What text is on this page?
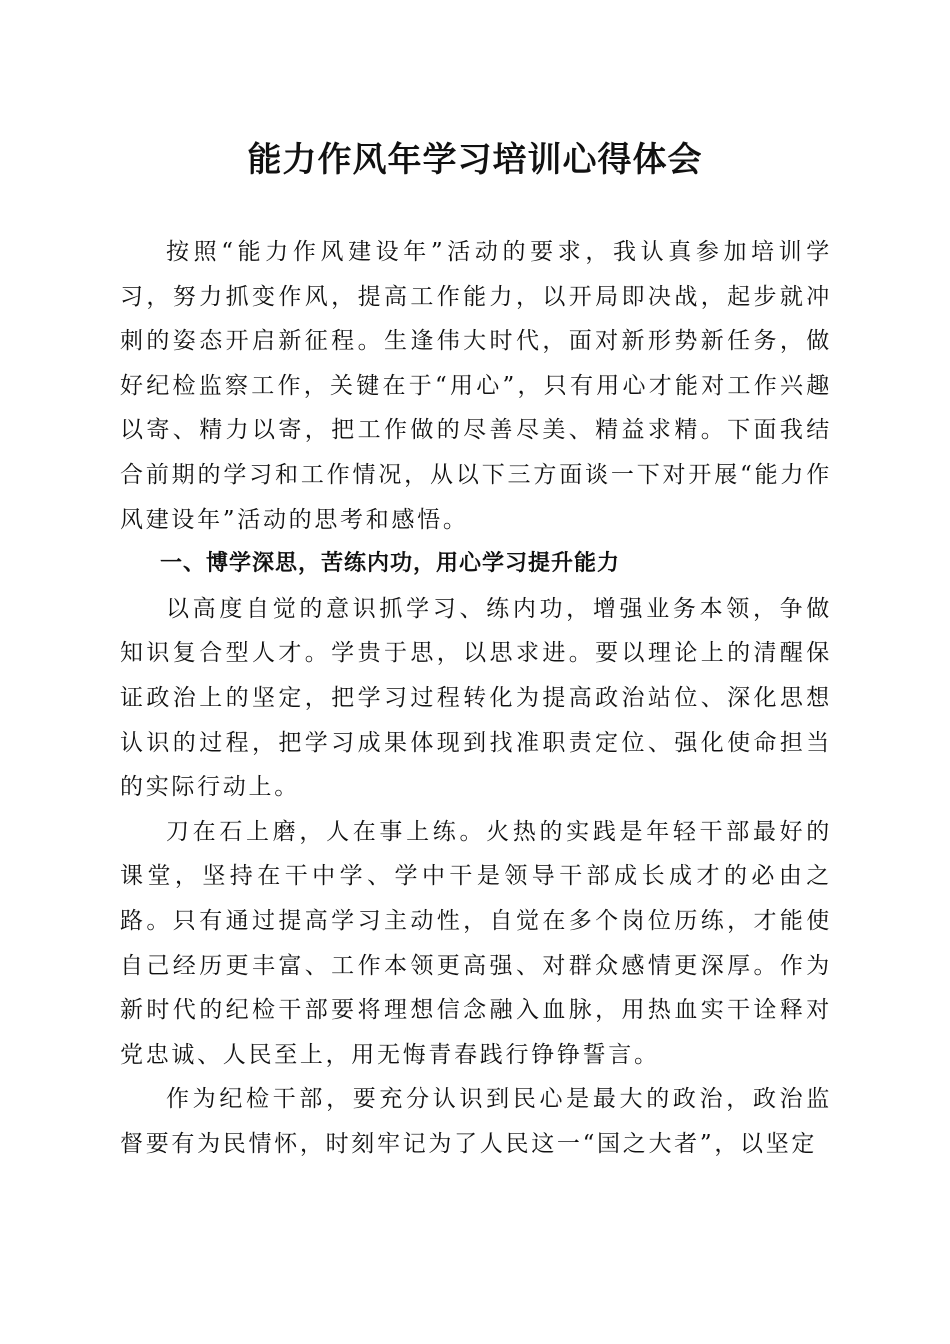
能力作风年学习培训心得体会

按照“能力作风建设年”活动的要求，我认真参加培训学习，努力抓变作风，提高工作能力，以开局即决战，起步就冲刺的姿态开启新征程。生逢伟大时代，面对新形势新任务，做好纪检监察工作，关键在于“用心”，只有用心才能对工作兴趣以寄、精力以寄，把工作做的尽善尽美、精益求精。下面我结合前期的学习和工作情况，从以下三方面谈一下对开展“能力作风建设年”活动的思考和感悟。

一、博学深思，苦练内功，用心学习提升能力

以高度自觉的意识抓学习、练内功，增强业务本领，争做知识复合型人才。学贵于思，以思求进。要以理论上的清醒保证政治上的坚定，把学习过程转化为提高政治站位、深化思想认识的过程，把学习成果体现到找准职责定位、强化使命担当的实际行动上。

刀在石上磨，人在事上练。火热的实践是年轻干部最好的课堂，坚持在干中学、学中干是领导干部成长成才的必由之路。只有通过提高学习主动性，自觉在多个岗位历练，才能使自己经历更丰富、工作本领更高强、对群众感情更深厚。作为新时代的纪检干部要将理想信念融入血脉，用热血实干诠释对党忠诚、人民至上，用无悔青春践行铮铮誓言。

作为纪检干部，要充分认识到民心是最大的政治，政治监督要有为民情怀，时刻牢记为了人民这一“国之大者”，以坚定
